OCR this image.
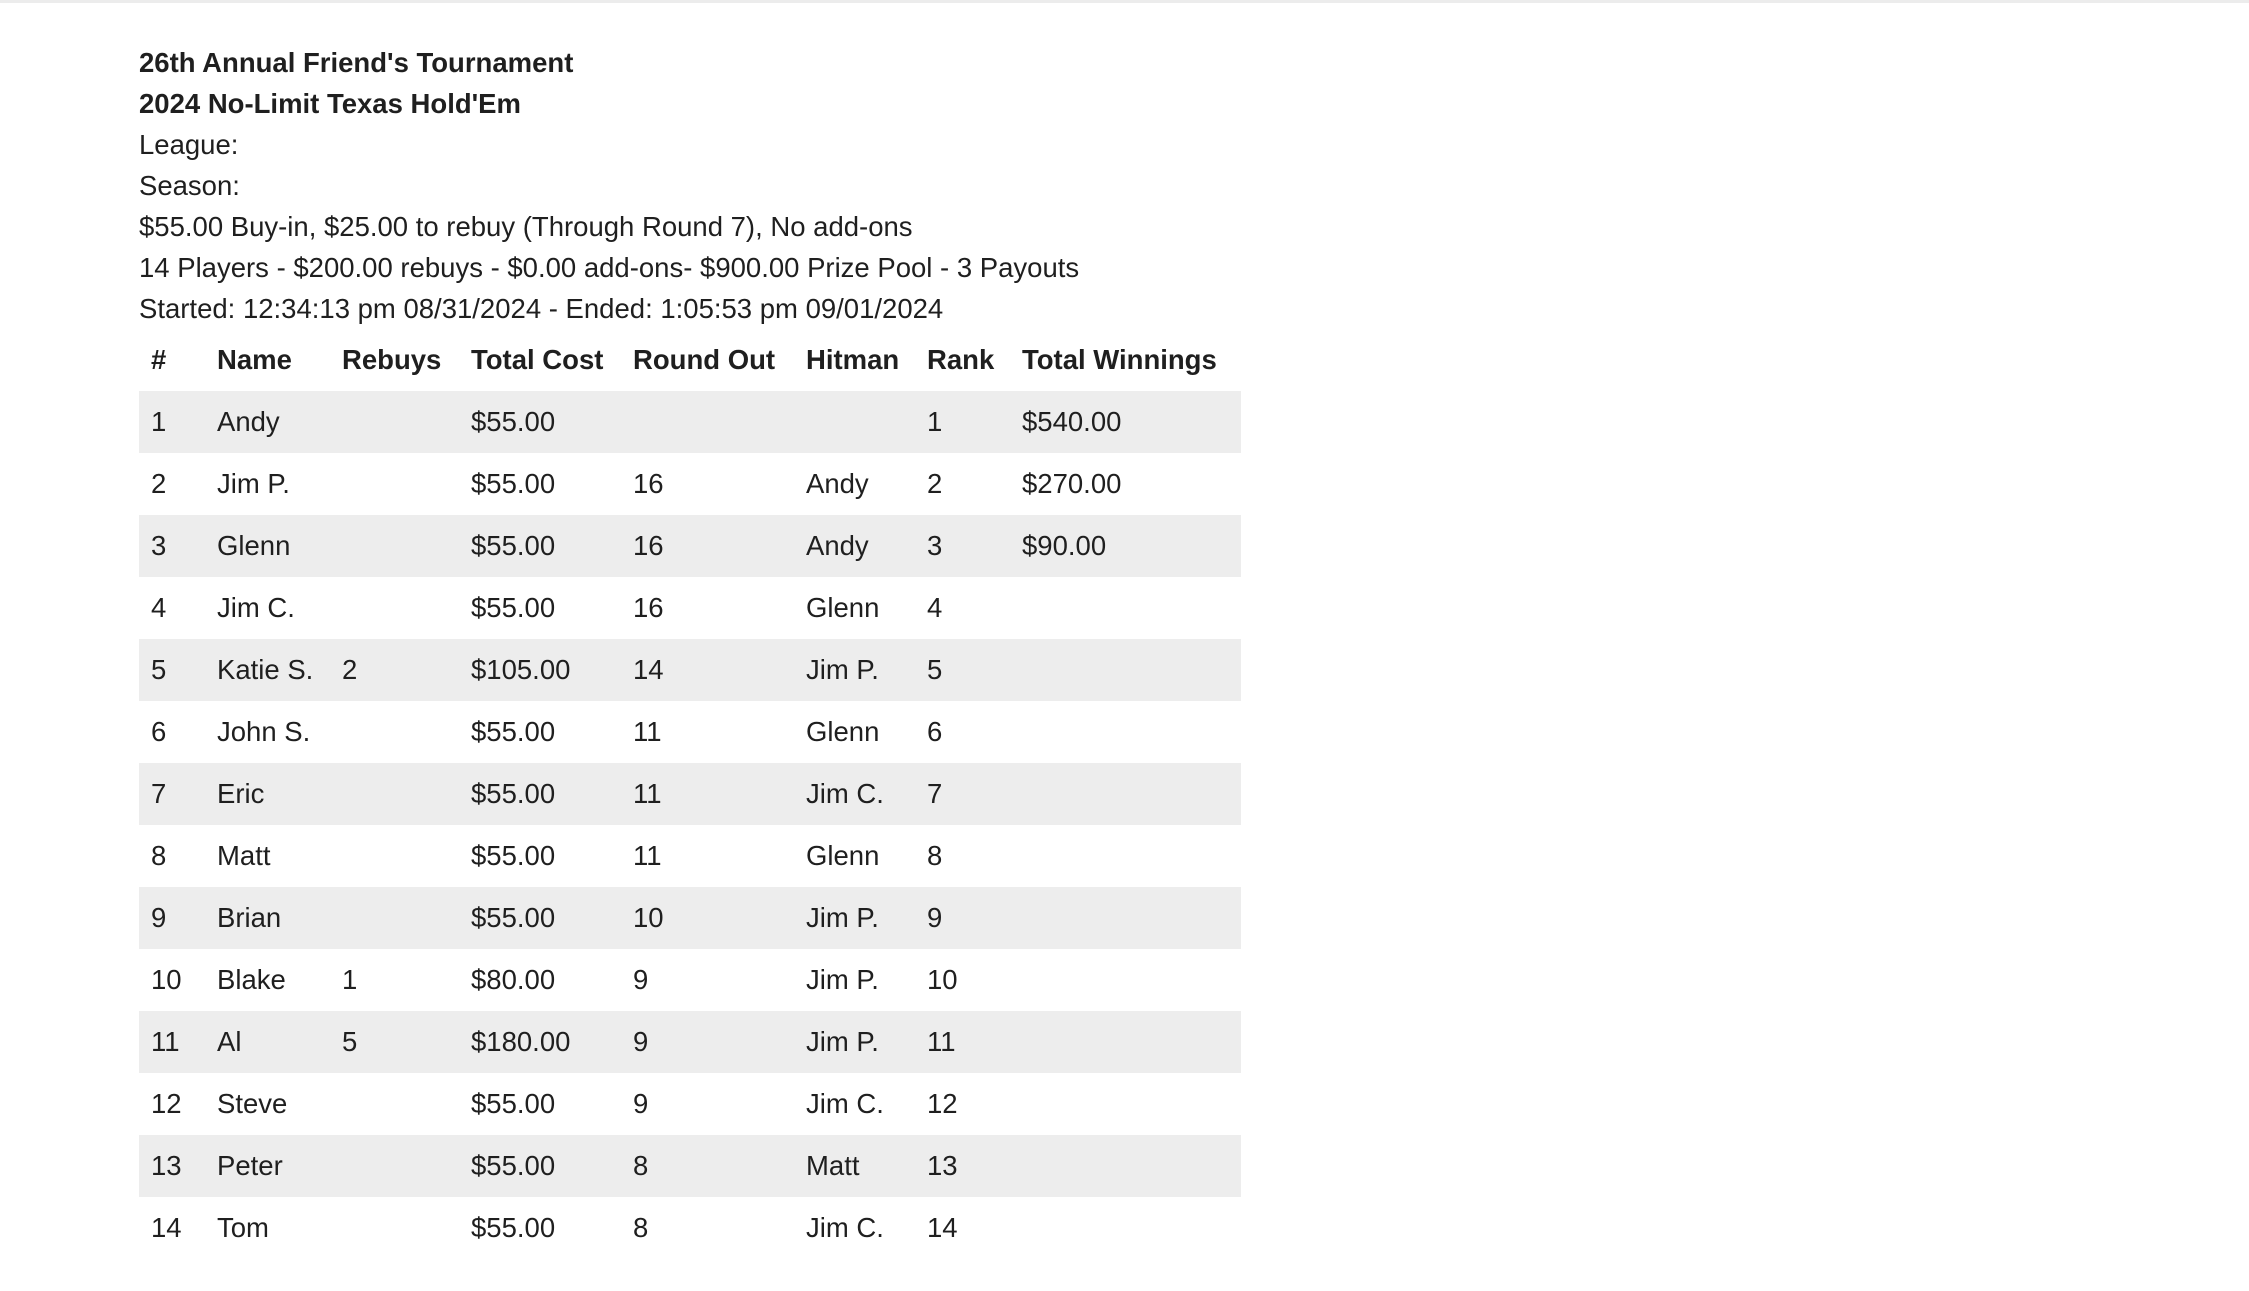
26th Annual Friend's Tournament
2024 No-Limit Texas Hold'Em
League:
Season:
$55.00 Buy-in, $25.00 to rebuy (Through Round 7), No add-ons
14 Players - $200.00 rebuys - $0.00 add-ons- $900.00 Prize Pool - 3 Payouts
Started: 12:34:13 pm 08/31/2024 - Ended: 1:05:53 pm 09/01/2024
#	Name	Rebuys	Total Cost	Round Out	Hitman	Rank	Total Winnings
1	Andy		$55.00			1	$540.00
2	Jim P.		$55.00	16	Andy	2	$270.00
3	Glenn		$55.00	16	Andy	3	$90.00
4	Jim C.		$55.00	16	Glenn	4	
5	Katie S.	2	$105.00	14	Jim P.	5	
6	John S.		$55.00	11	Glenn	6	
7	Eric		$55.00	11	Jim C.	7	
8	Matt		$55.00	11	Glenn	8	
9	Brian		$55.00	10	Jim P.	9	
10	Blake	1	$80.00	9	Jim P.	10	
11	Al	5	$180.00	9	Jim P.	11	
12	Steve		$55.00	9	Jim C.	12	
13	Peter		$55.00	8	Matt	13	
14	Tom		$55.00	8	Jim C.	14	
